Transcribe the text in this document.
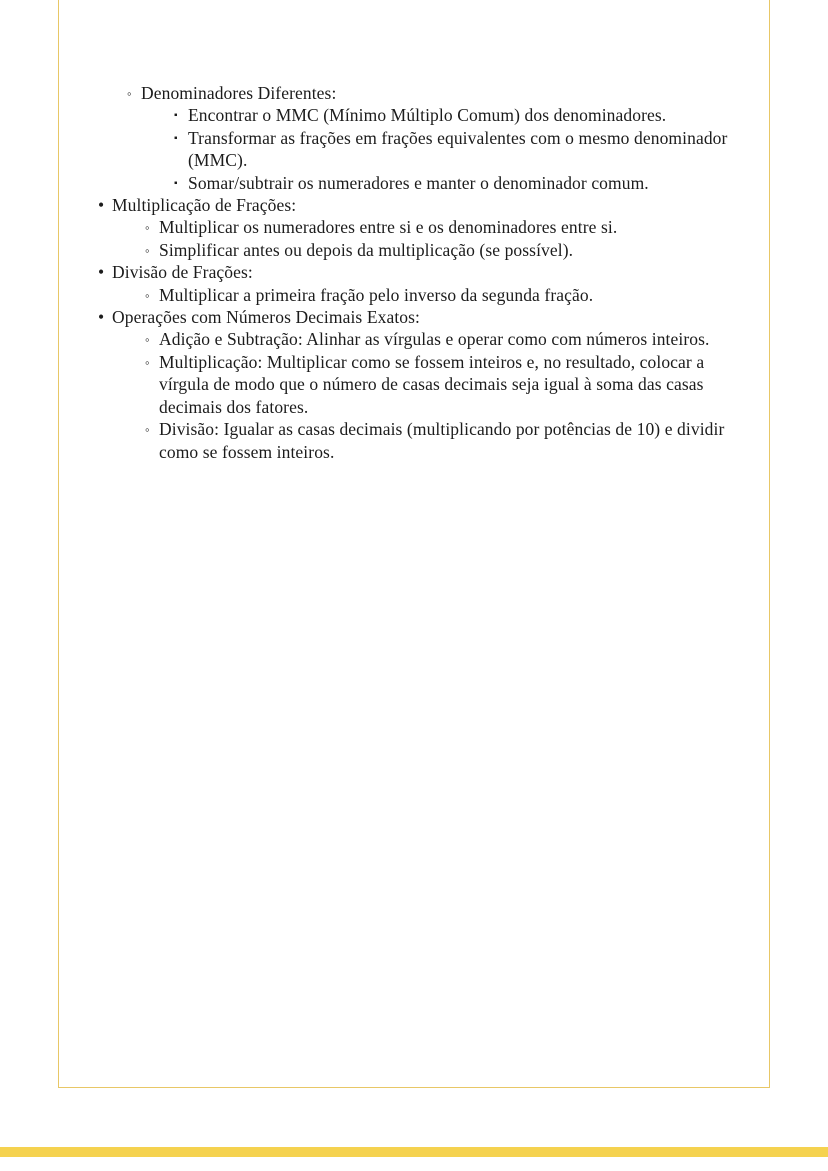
◦ Denominadores Diferentes:
▪ Encontrar o MMC (Mínimo Múltiplo Comum) dos denominadores.
▪ Transformar as frações em frações equivalentes com o mesmo denominador (MMC).
▪ Somar/subtrair os numeradores e manter o denominador comum.
• Multiplicação de Frações:
◦ Multiplicar os numeradores entre si e os denominadores entre si.
◦ Simplificar antes ou depois da multiplicação (se possível).
• Divisão de Frações:
◦ Multiplicar a primeira fração pelo inverso da segunda fração.
• Operações com Números Decimais Exatos:
◦ Adição e Subtração: Alinhar as vírgulas e operar como com números inteiros.
◦ Multiplicação: Multiplicar como se fossem inteiros e, no resultado, colocar a vírgula de modo que o número de casas decimais seja igual à soma das casas decimais dos fatores.
◦ Divisão: Igualar as casas decimais (multiplicando por potências de 10) e dividir como se fossem inteiros.
